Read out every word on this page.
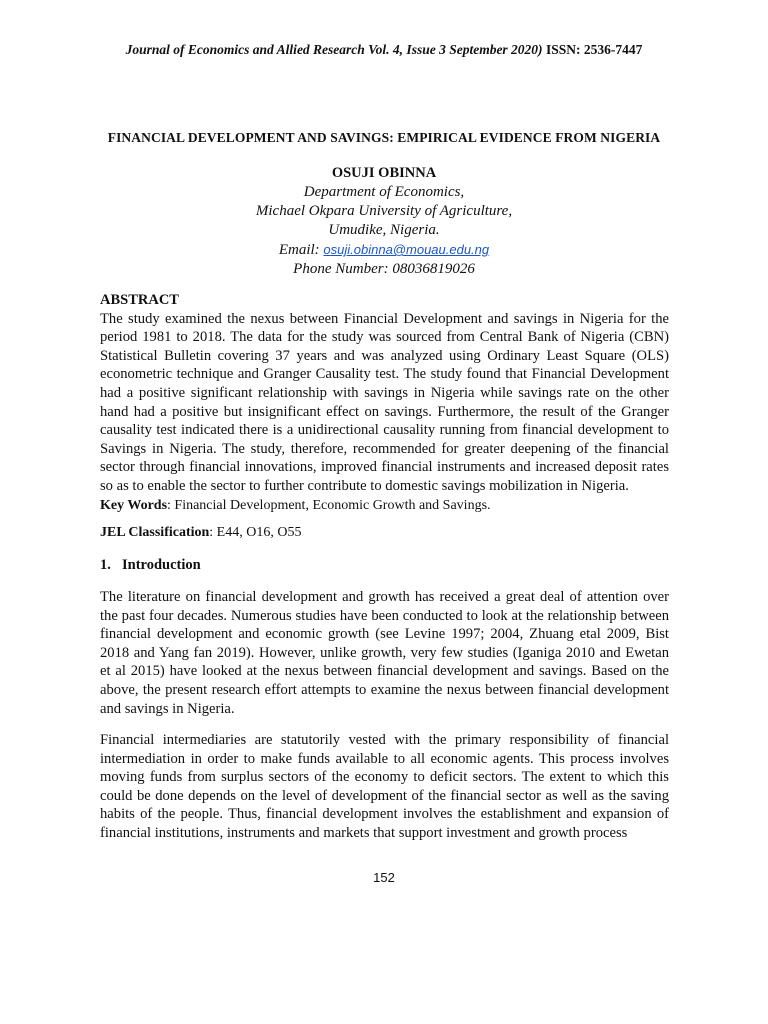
Journal of Economics and Allied Research Vol. 4, Issue 3 September 2020) ISSN: 2536-7447
FINANCIAL DEVELOPMENT AND SAVINGS: EMPIRICAL EVIDENCE FROM NIGERIA
OSUJI OBINNA
Department of Economics,
Michael Okpara University of Agriculture,
Umudike, Nigeria.
Email: osuji.obinna@mouau.edu.ng
Phone Number: 08036819026
ABSTRACT
The study examined the nexus between Financial Development and savings in Nigeria for the period 1981 to 2018. The data for the study was sourced from Central Bank of Nigeria (CBN) Statistical Bulletin covering 37 years and was analyzed using Ordinary Least Square (OLS) econometric technique and Granger Causality test. The study found that Financial Development had a positive significant relationship with savings in Nigeria while savings rate on the other hand had a positive but insignificant effect on savings. Furthermore, the result of the Granger causality test indicated there is a unidirectional causality running from financial development to Savings in Nigeria. The study, therefore, recommended for greater deepening of the financial sector through financial innovations, improved financial instruments and increased deposit rates so as to enable the sector to further contribute to domestic savings mobilization in Nigeria.
Key Words: Financial Development, Economic Growth and Savings.
JEL Classification: E44, O16, O55
1. Introduction
The literature on financial development and growth has received a great deal of attention over the past four decades. Numerous studies have been conducted to look at the relationship between financial development and economic growth (see Levine 1997; 2004, Zhuang etal 2009, Bist 2018 and Yang fan 2019). However, unlike growth, very few studies (Iganiga 2010 and Ewetan et al 2015) have looked at the nexus between financial development and savings. Based on the above, the present research effort attempts to examine the nexus between financial development and savings in Nigeria.
Financial intermediaries are statutorily vested with the primary responsibility of financial intermediation in order to make funds available to all economic agents. This process involves moving funds from surplus sectors of the economy to deficit sectors. The extent to which this could be done depends on the level of development of the financial sector as well as the saving habits of the people. Thus, financial development involves the establishment and expansion of financial institutions, instruments and markets that support investment and growth process
152
